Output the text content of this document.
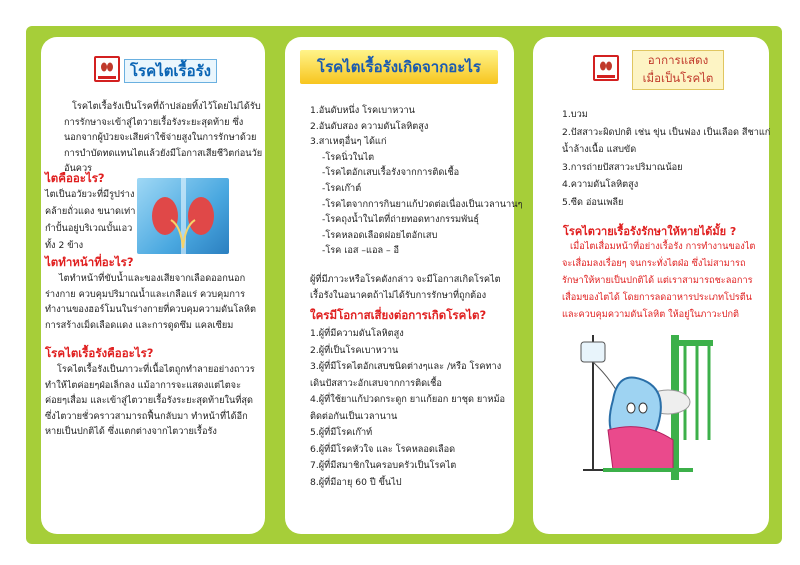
โรคไตเรื้อรัง
โรคไตเรื้อรังเป็นโรคที่ถ้าปล่อยทิ้งไว้โดยไม่ได้รับการรักษาจะเข้าสู่ไตวายเรื้อรังระยะสุดท้าย ซึ่งนอกจากผู้ป่วยจะเสียค่าใช้จ่ายสูงในการรักษาด้วยการบำบัดทดแทนไตแล้วยังมีโอกาสเสียชีวิตก่อนวัยอันควร
ไตคืออะไร?
ไตเป็นอวัยวะที่มีรูปร่างคล้ายถั่วแดง ขนาดเท่ากำปั้นอยู่บริเวณบั้นเอวทั้ง 2 ข้าง
ไตทำหน้าที่อะไร?
ไตทำหน้าที่ขับน้ำและของเสียจากเลือดออกนอกร่างกาย ควบคุมปริมาณน้ำและเกลือแร่ ควบคุมการทำงานของฮอร์โมนในร่างกายที่ควบคุมความดันโลหิต การสร้างเม็ดเลือดแดง และการดูดซึม แคลเซียม
โรคไตเรื้อรังคืออะไร?
โรคไตเรื้อรังเป็นภาวะที่เนื้อไตถูกทำลายอย่างถาวร ทำให้ไตค่อยๆฝ่อเล็กลง แม้อาการจะแสดงแต่ไตจะค่อยๆเสื่อม และเข้าสู่ไตวายเรื้อรังระยะสุดท้ายในที่สุด ซึ่งไตวายชั่วคราวสามารถฟื้นกลับมา ทำหน้าที่ได้อีก หายเป็นปกติได้ ซึ่งแตกต่างจากไตวายเรื้อรัง
โรคไตเรื้อรังเกิดจากอะไร
1.อันดับหนึ่ง โรคเบาหวาน
2.อันดับสอง ความดันโลหิตสูง
3.สาเหตุอื่นๆ ได้แก่
-โรคนิ่วในไต
-โรคไตอักเสบเรื้อรังจากการติดเชื้อ
-โรคเก๊าต์
-โรคไตจากการกินยาแก้ปวดต่อเนื่องเป็นเวลานานๆ
-โรคถุงน้ำในไตที่ถ่ายทอดทางกรรมพันธุ์
-โรคหลอดเลือดฝอยไตอักเสบ
-โรค เอส –แอล – อี
ผู้ที่มีภาวะหรือโรคดังกล่าว จะมีโอกาสเกิดโรคไตเรื้อรังในอนาคตถ้าไม่ได้รับการรักษาที่ถูกต้อง
ใครมีโอกาสเสี่ยงต่อการเกิดโรคไต?
1.ผู้ที่มีความดันโลหิตสูง
2.ผู้ที่เป็นโรคเบาหวาน
3.ผู้ที่มีโรคไตอักเสบชนิดต่างๆและ /หรือ โรคทางเดินปัสสาวะอักเสบจากการติดเชื้อ
4.ผู้ที่ใช้ยาแก้ปวดกระดูก ยาแก้ยอก ยาชุด ยาหม้อติดต่อกันเป็นเวลานาน
5.ผู้ที่มีโรคเก๊าท์
6.ผู้ที่มีโรคหัวใจ และ โรคหลอดเลือด
7.ผู้ที่มีสมาชิกในครอบครัวเป็นโรคไต
8.ผู้ที่มีอายุ 60 ปี ขึ้นไป
อาการแสดง
เมื่อเป็นโรคไต
1.บวม
2.ปัสสาวะผิดปกติ เช่น ขุ่น เป็นฟอง เป็นเลือด สีชาแก่
น้ำล้างเนื้อ แสบขัด
3.การถ่ายปัสสาวะปริมาณน้อย
4.ความดันโลหิตสูง
5.ซีด อ่อนเพลีย
โรคไตวายเรื้อรังรักษาให้หายได้มั้ย ?
เมื่อไตเสื่อมหน้าที่อย่างเรื้อรัง การทำงานของไตจะเสื่อมลงเรื่อยๆ จนกระทั่งไตฝ่อ ซึ่งไม่สามารถรักษาให้หายเป็นปกติได้ แต่เราสามารถชะลอการเสื่อมของไตได้ โดยการลดอาหารประเภทโปรตีนและควบคุมความดันโลหิต ให้อยู่ในภาวะปกติ
